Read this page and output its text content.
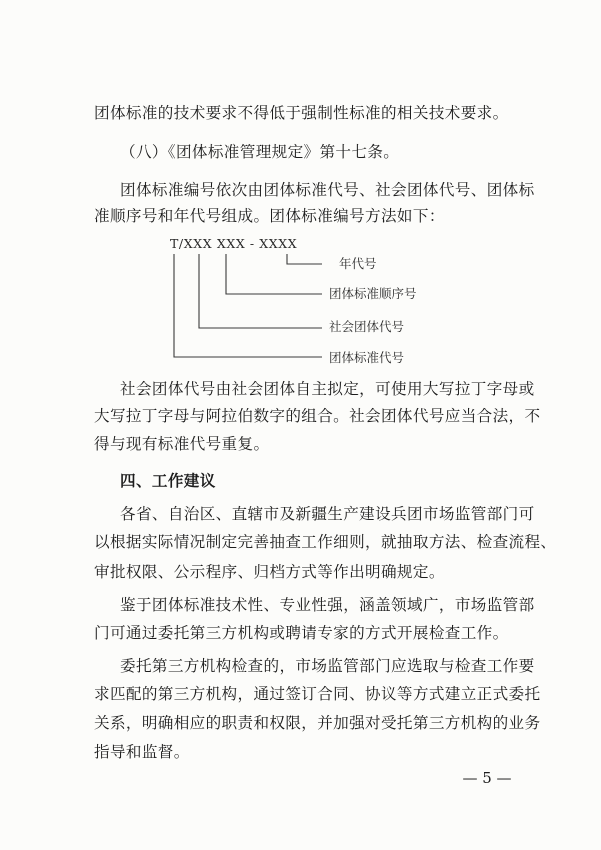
团体标准的技术要求不得低于强制性标准的相关技术要求。
（八）《团体标准管理规定》第十七条。
团体标准编号依次由团体标准代号、社会团体代号、团体标
准顺序号和年代号组成。团体标准编号方法如下：
T/XXX XXX - XXXX
年代号
团体标准顺序号
社会团体代号
团体标准代号
社会团体代号由社会团体自主拟定，可使用大写拉丁字母或
大写拉丁字母与阿拉伯数字的组合。社会团体代号应当合法，不
得与现有标准代号重复。
四、工作建议
各省、自治区、直辖市及新疆生产建设兵团市场监管部门可
以根据实际情况制定完善抽查工作细则，就抽取方法、检查流程、
审批权限、公示程序、归档方式等作出明确规定。
鉴于团体标准技术性、专业性强，涵盖领域广，市场监管部
门可通过委托第三方机构或聘请专家的方式开展检查工作。
委托第三方机构检查的，市场监管部门应选取与检查工作要
求匹配的第三方机构，通过签订合同、协议等方式建立正式委托
关系，明确相应的职责和权限，并加强对受托第三方机构的业务
指导和监督。
— 5 —
